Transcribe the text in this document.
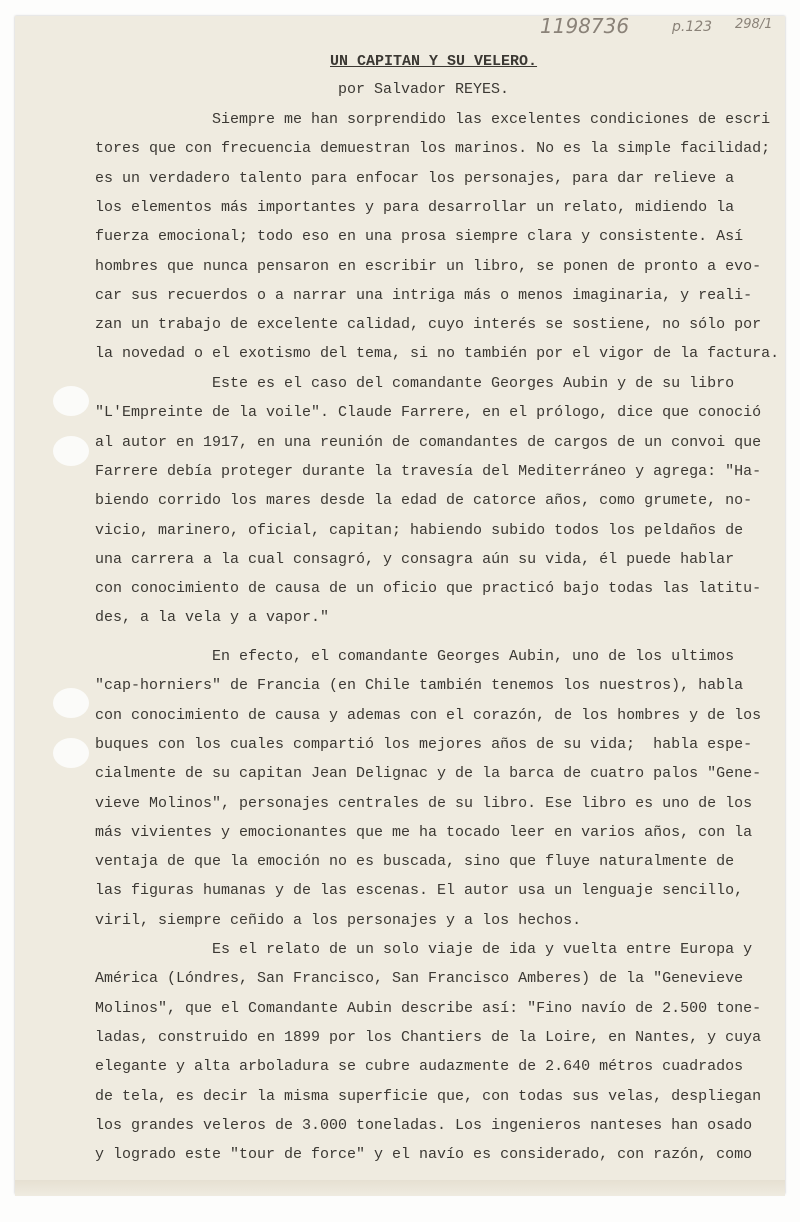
1198736	p.123 298/1
UN CAPITAN Y SU VELERO.
por Salvador REYES.
Siempre me han sorprendido las excelentes condiciones de escri
tores que con frecuencia demuestran los marinos. No es la simple facilidad;
es un verdadero talento para enfocar los personajes, para dar relieve a
los elementos más importantes y para desarrollar un relato, midiendo la
fuerza emocional; todo eso en una prosa siempre clara y consistente. Así
hombres que nunca pensaron en escribir un libro, se ponen de pronto a evo-
car sus recuerdos o a narrar una intriga más o menos imaginaria, y reali-
zan un trabajo de excelente calidad, cuyo interés se sostiene, no sólo por
la novedad o el exotismo del tema, si no también por el vigor de la factura.
Este es el caso del comandante Georges Aubin y de su libro
"L'Empreinte de la voile". Claude Farrere, en el prólogo, dice que conoció
al autor en 1917, en una reunión de comandantes de cargos de un convoi que
Farrere debía proteger durante la travesía del Mediterráneo y agrega: "Ha-
biendo corrido los mares desde la edad de catorce años, como grumete, no-
vicio, marinero, oficial, capitan; habiendo subido todos los peldaños de
una carrera a la cual consagró, y consagra aún su vida, él puede hablar
con conocimiento de causa de un oficio que practicó bajo todas las latitu-
des, a la vela y a vapor."
En efecto, el comandante Georges Aubin, uno de los ultimos
"cap-horniers" de Francia (en Chile también tenemos los nuestros), habla
con conocimiento de causa y ademas con el corazón, de los hombres y de los
buques con los cuales compartió los mejores años de su vida;  habla espe-
cialmente de su capitan Jean Delignac y de la barca de cuatro palos "Gene-
vieve Molinos", personajes centrales de su libro. Ese libro es uno de los
más vivientes y emocionantes que me ha tocado leer en varios años, con la
ventaja de que la emoción no es buscada, sino que fluye naturalmente de
las figuras humanas y de las escenas. El autor usa un lenguaje sencillo,
viril, siempre ceñido a los personajes y a los hechos.
Es el relato de un solo viaje de ida y vuelta entre Europa y
América (Lóndres, San Francisco, San Francisco Amberes) de la "Genevieve
Molinos", que el Comandante Aubin describe así: "Fino navío de 2.500 tone-
ladas, construido en 1899 por los Chantiers de la Loire, en Nantes, y cuya
elegante y alta arboladura se cubre audazmente de 2.640 métros cuadrados
de tela, es decir la misma superficie que, con todas sus velas, despliegan
los grandes veleros de 3.000 toneladas. Los ingenieros nanteses han osado
y logrado este "tour de force" y el navío es considerado, con razón, como
